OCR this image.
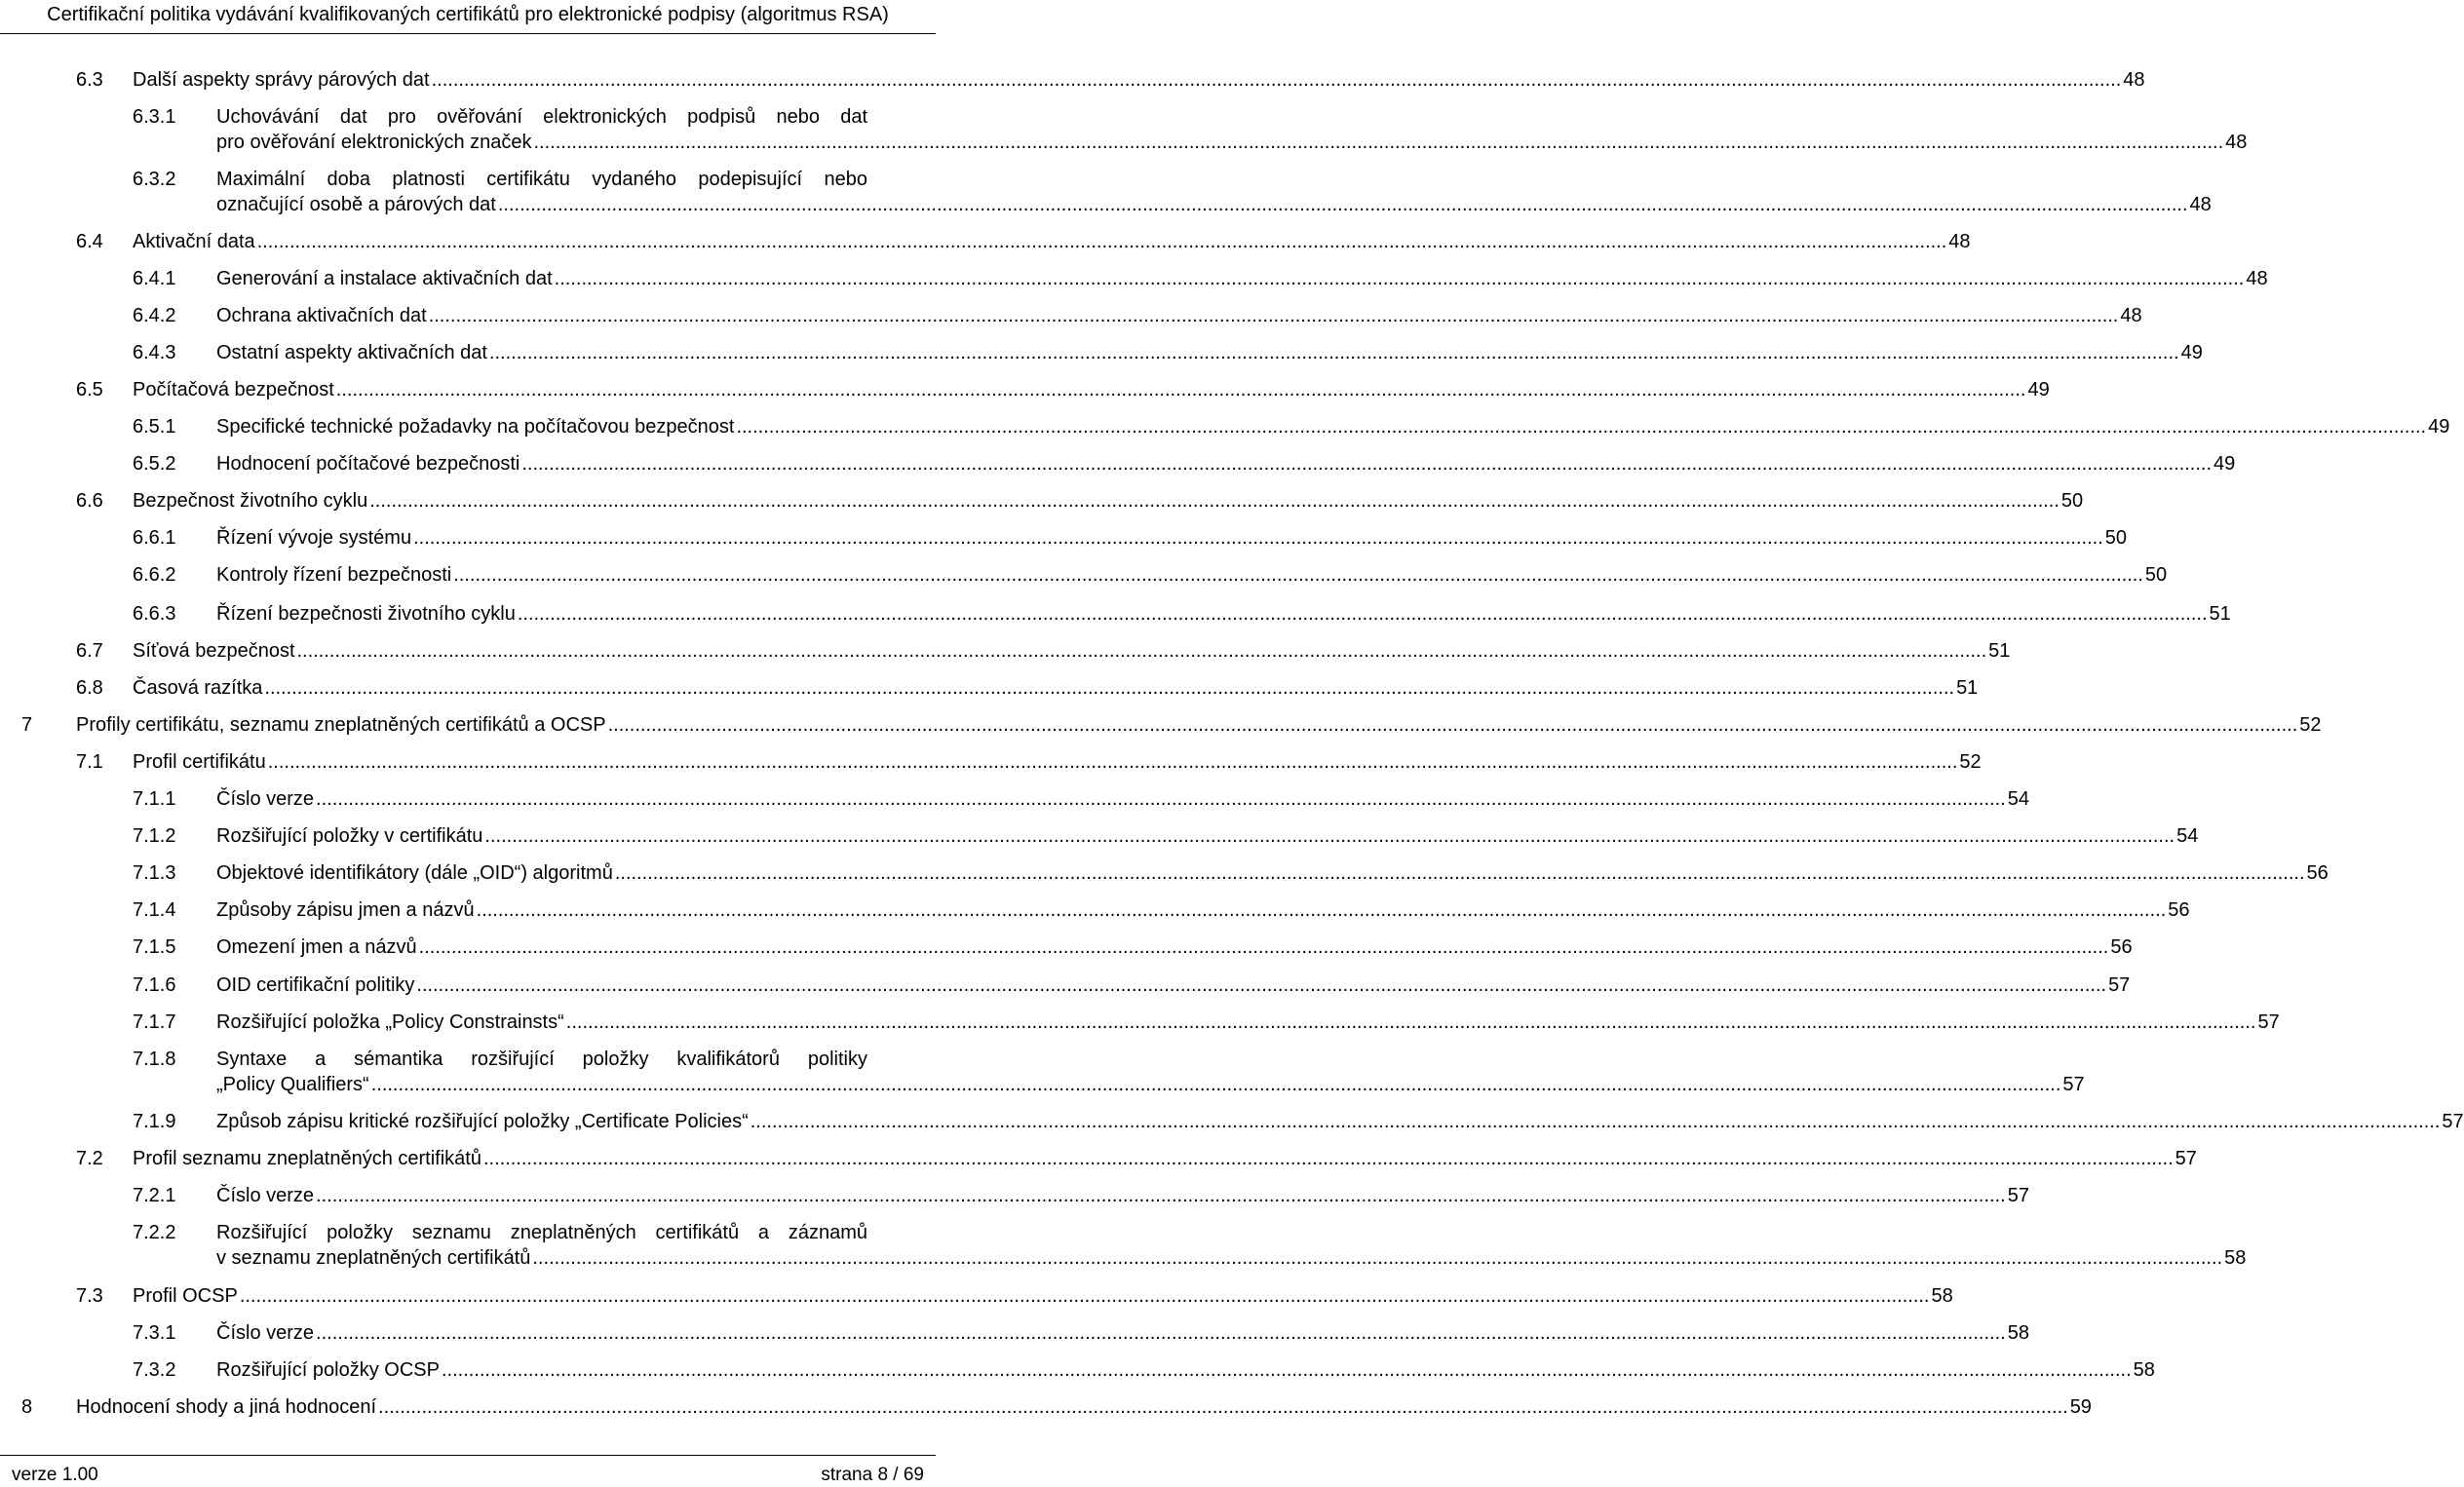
Certifikační politika vydávání kvalifikovaných certifikátů pro elektronické podpisy (algoritmus RSA)
6.3 Další aspekty správy párových dat .....	48
6.3.1 Uchovávání dat pro ověřování elektronických podpisů nebo dat
pro ověřování elektronických značek .....	48
6.3.2 Maximální doba platnosti certifikátu vydaného podepisující nebo
označující osobě a párových dat .....	48
6.4 Aktivační data .....	48
6.4.1 Generování a instalace aktivačních dat .....	48
6.4.2 Ochrana aktivačních dat .....	48
6.4.3 Ostatní aspekty aktivačních dat .....	49
6.5 Počítačová bezpečnost .....	49
6.5.1 Specifické technické požadavky na počítačovou bezpečnost .....	49
6.5.2 Hodnocení počítačové bezpečnosti .....	49
6.6 Bezpečnost životního cyklu .....	50
6.6.1 Řízení vývoje systému .....	50
6.6.2 Kontroly řízení bezpečnosti .....	50
6.6.3 Řízení bezpečnosti životního cyklu .....	51
6.7 Síťová bezpečnost .....	51
6.8 Časová razítka .....	51
7 Profily certifikátu, seznamu zneplatněných certifikátů a OCSP .....	52
7.1 Profil certifikátu .....	52
7.1.1 Číslo verze .....	54
7.1.2 Rozšiřující položky v certifikátu .....	54
7.1.3 Objektové identifikátory (dále „OID“) algoritmů .....	56
7.1.4 Způsoby zápisu jmen a názvů .....	56
7.1.5 Omezení jmen a názvů .....	56
7.1.6 OID certifikační politiky .....	57
7.1.7 Rozšiřující položka „Policy Constrainsts“ .....	57
7.1.8 Syntaxe a sémantika rozšiřující položky kvalifikátorů politiky
„Policy Qualifiers“ .....	57
7.1.9 Způsob zápisu kritické rozšiřující položky „Certificate Policies“ .....	57
7.2 Profil seznamu zneplatněných certifikátů .....	57
7.2.1 Číslo verze .....	57
7.2.2 Rozšiřující položky seznamu zneplatněných certifikátů a záznamů
v seznamu zneplatněných certifikátů .....	58
7.3 Profil OCSP .....	58
7.3.1 Číslo verze .....	58
7.3.2 Rozšiřující položky OCSP .....	58
8 Hodnocení shody a jiná hodnocení .....	59
verze 1.00	strana 8 / 69
